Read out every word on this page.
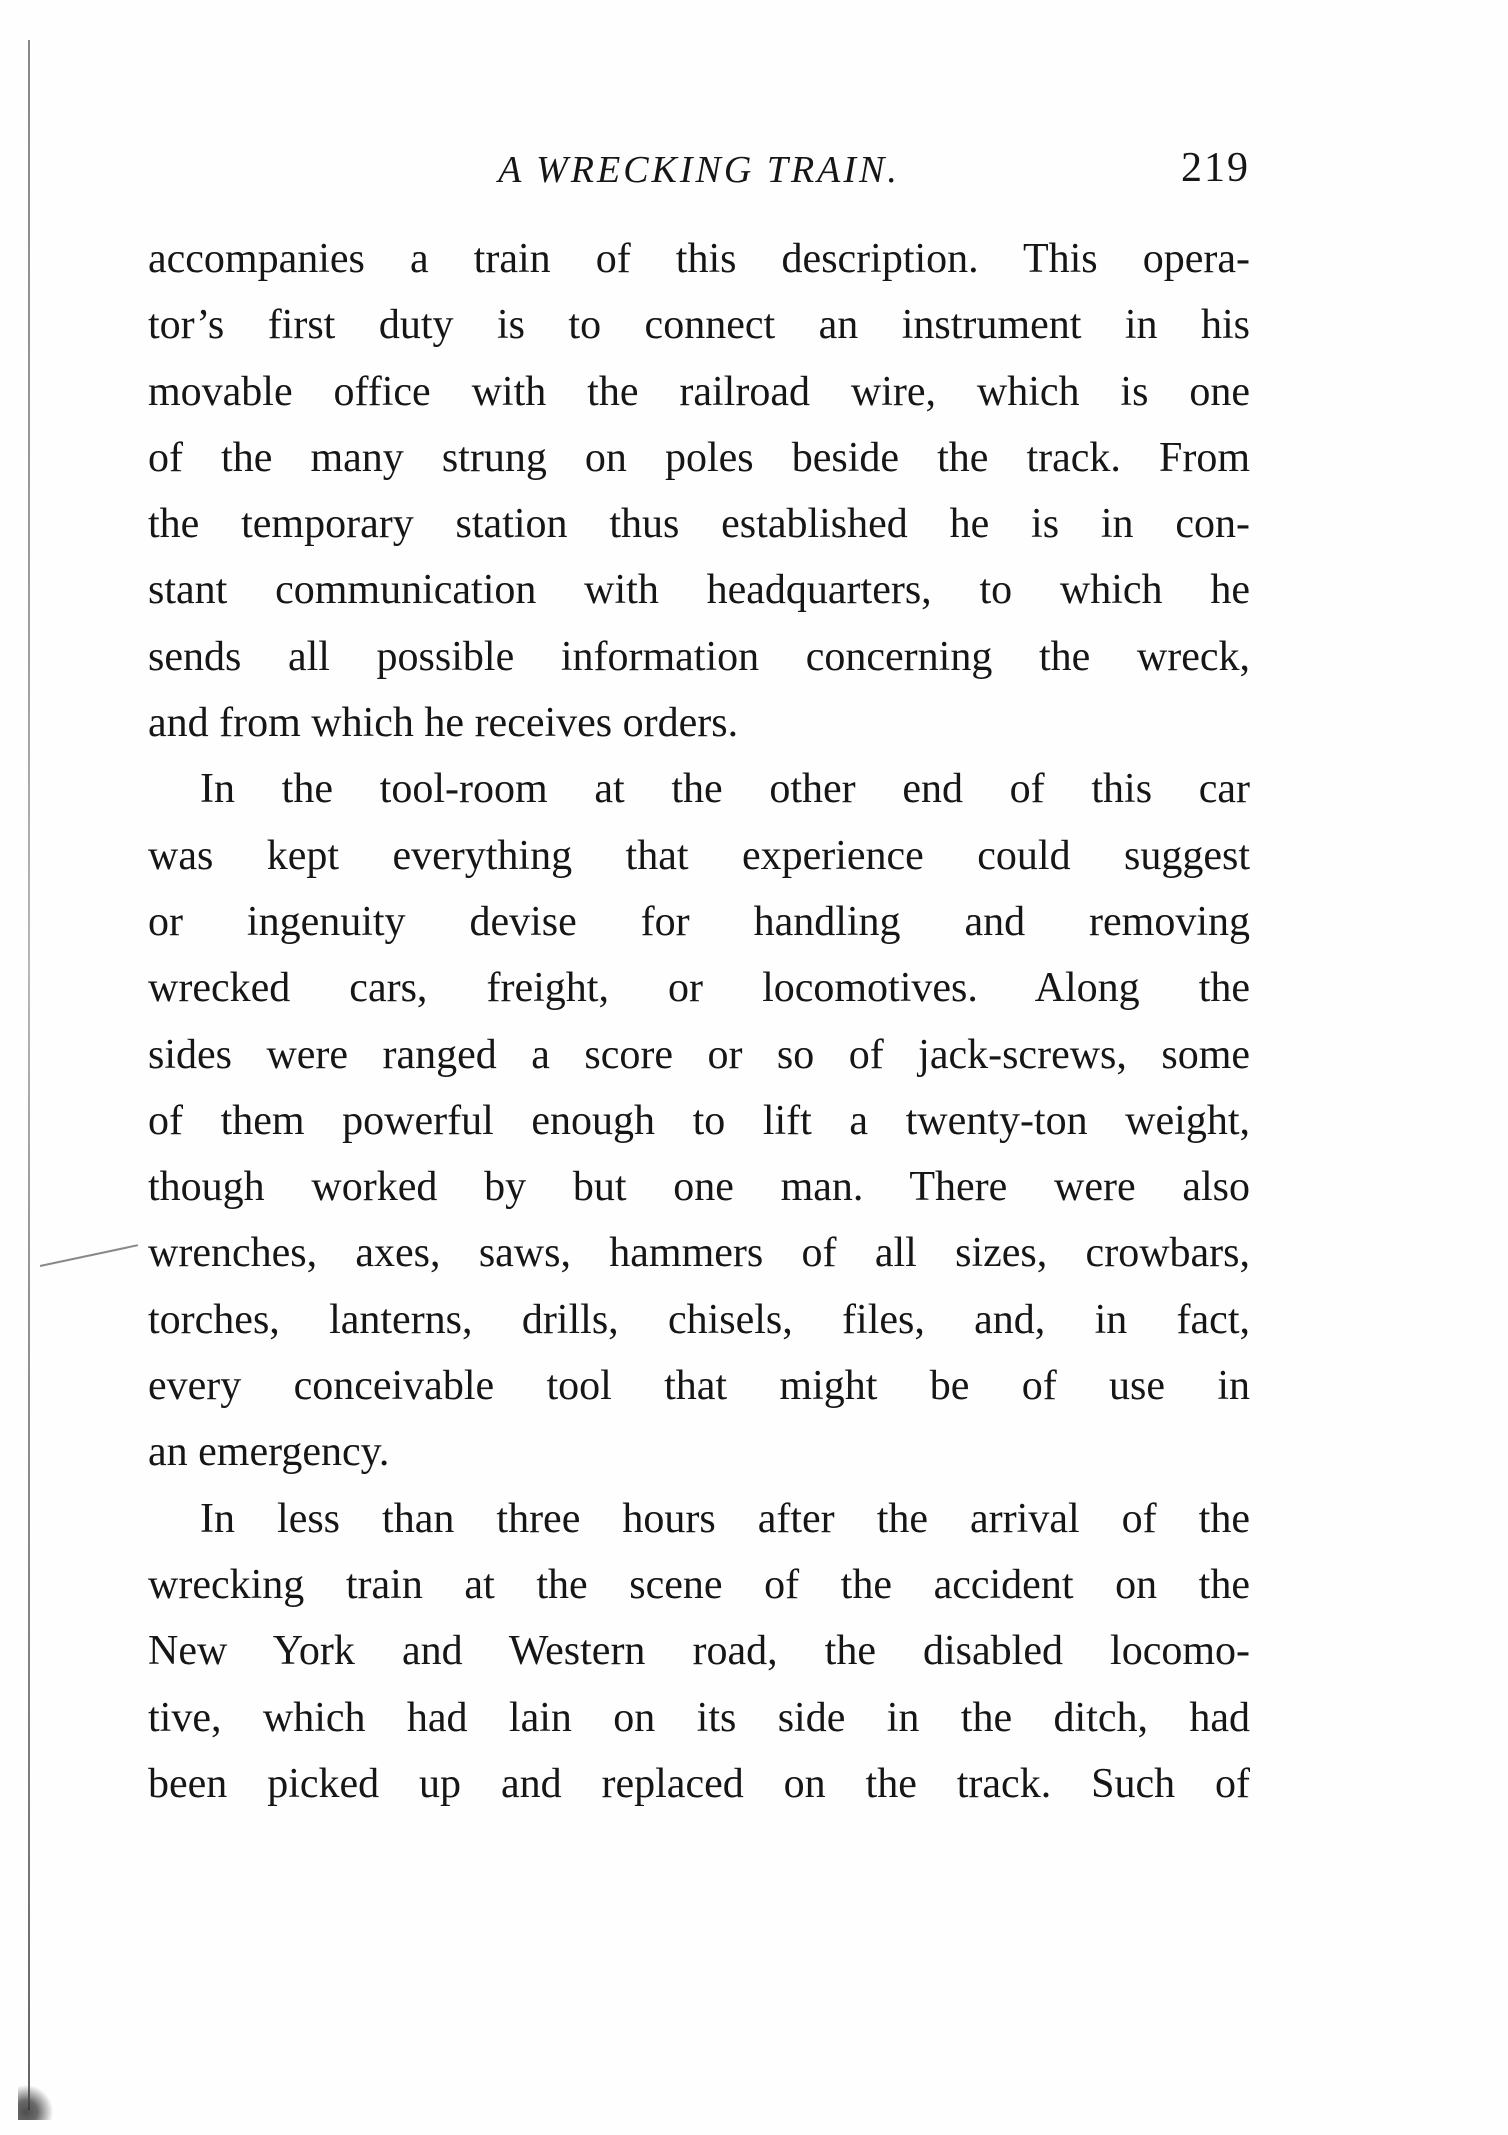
A WRECKING TRAIN.	219

accompanies a train of this description. This opera-
tor’s first duty is to connect an instrument in his
movable office with the railroad wire, which is one
of the many strung on poles beside the track. From
the temporary station thus established he is in con-
stant communication with headquarters, to which he
sends all possible information concerning the wreck,
and from which he receives orders.

In the tool-room at the other end of this car
was kept everything that experience could suggest
or ingenuity devise for handling and removing
wrecked cars, freight, or locomotives. Along the
sides were ranged a score or so of jack-screws, some
of them powerful enough to lift a twenty-ton weight,
though worked by but one man. There were also
wrenches, axes, saws, hammers of all sizes, crowbars,
torches, lanterns, drills, chisels, files, and, in fact,
every conceivable tool that might be of use in
an emergency.

In less than three hours after the arrival of the
wrecking train at the scene of the accident on the
New York and Western road, the disabled locomo-
tive, which had lain on its side in the ditch, had
been picked up and replaced on the track. Such of
